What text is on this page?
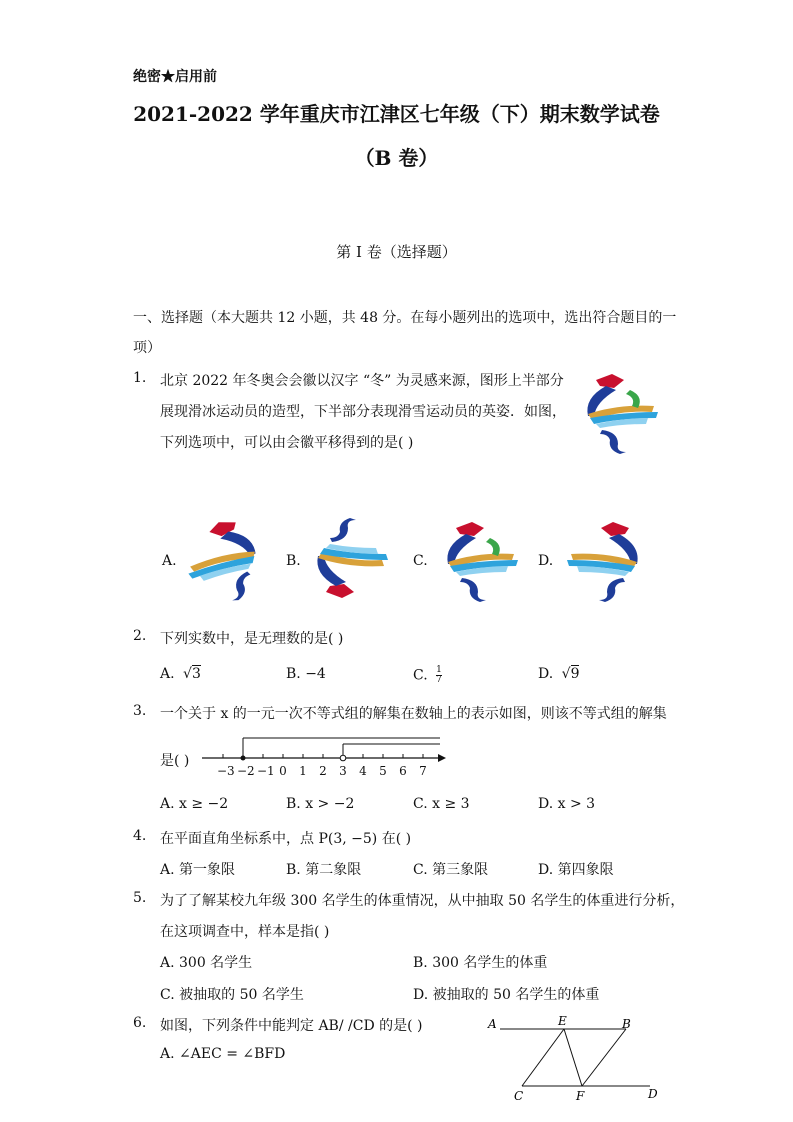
绝密★启用前
2021-2022 学年重庆市江津区七年级（下）期末数学试卷
（B 卷）
第 I 卷（选择题）
一、选择题（本大题共 12 小题，共 48 分。在每小题列出的选项中，选出符合题目的一
项）
1. 北京 2022 年冬奥会会徽以汉字 “冬” 为灵感来源，图形上半部分
展现滑冰运动员的造型，下半部分表现滑雪运动员的英姿．如图，
下列选项中，可以由会徽平移得到的是( )
A.	B.	C.	D.
2. 下列实数中，是无理数的是( )
A. √3	B. −4	C. $\frac{1}{7}$	D. √9
3. 一个关于 x 的一元一次不等式组的解集在数轴上的表示如图，则该不等式组的解集
是( )
−3 −2 −1 0 1 2 3 4 5 6 7
A. x ≥ −2	B. x > −2	C. x ≥ 3	D. x > 3
4. 在平面直角坐标系中，点 P(3, −5) 在( )
A. 第一象限	B. 第二象限	C. 第三象限	D. 第四象限
5. 为了了解某校九年级 300 名学生的体重情况，从中抽取 50 名学生的体重进行分析，
在这项调查中，样本是指( )
A. 300 名学生	B. 300 名学生的体重
C. 被抽取的 50 名学生	D. 被抽取的 50 名学生的体重
6. 如图，下列条件中能判定 AB/ /CD 的是( )
A. ∠AEC = ∠BFD
A	E	B
C	F	D
